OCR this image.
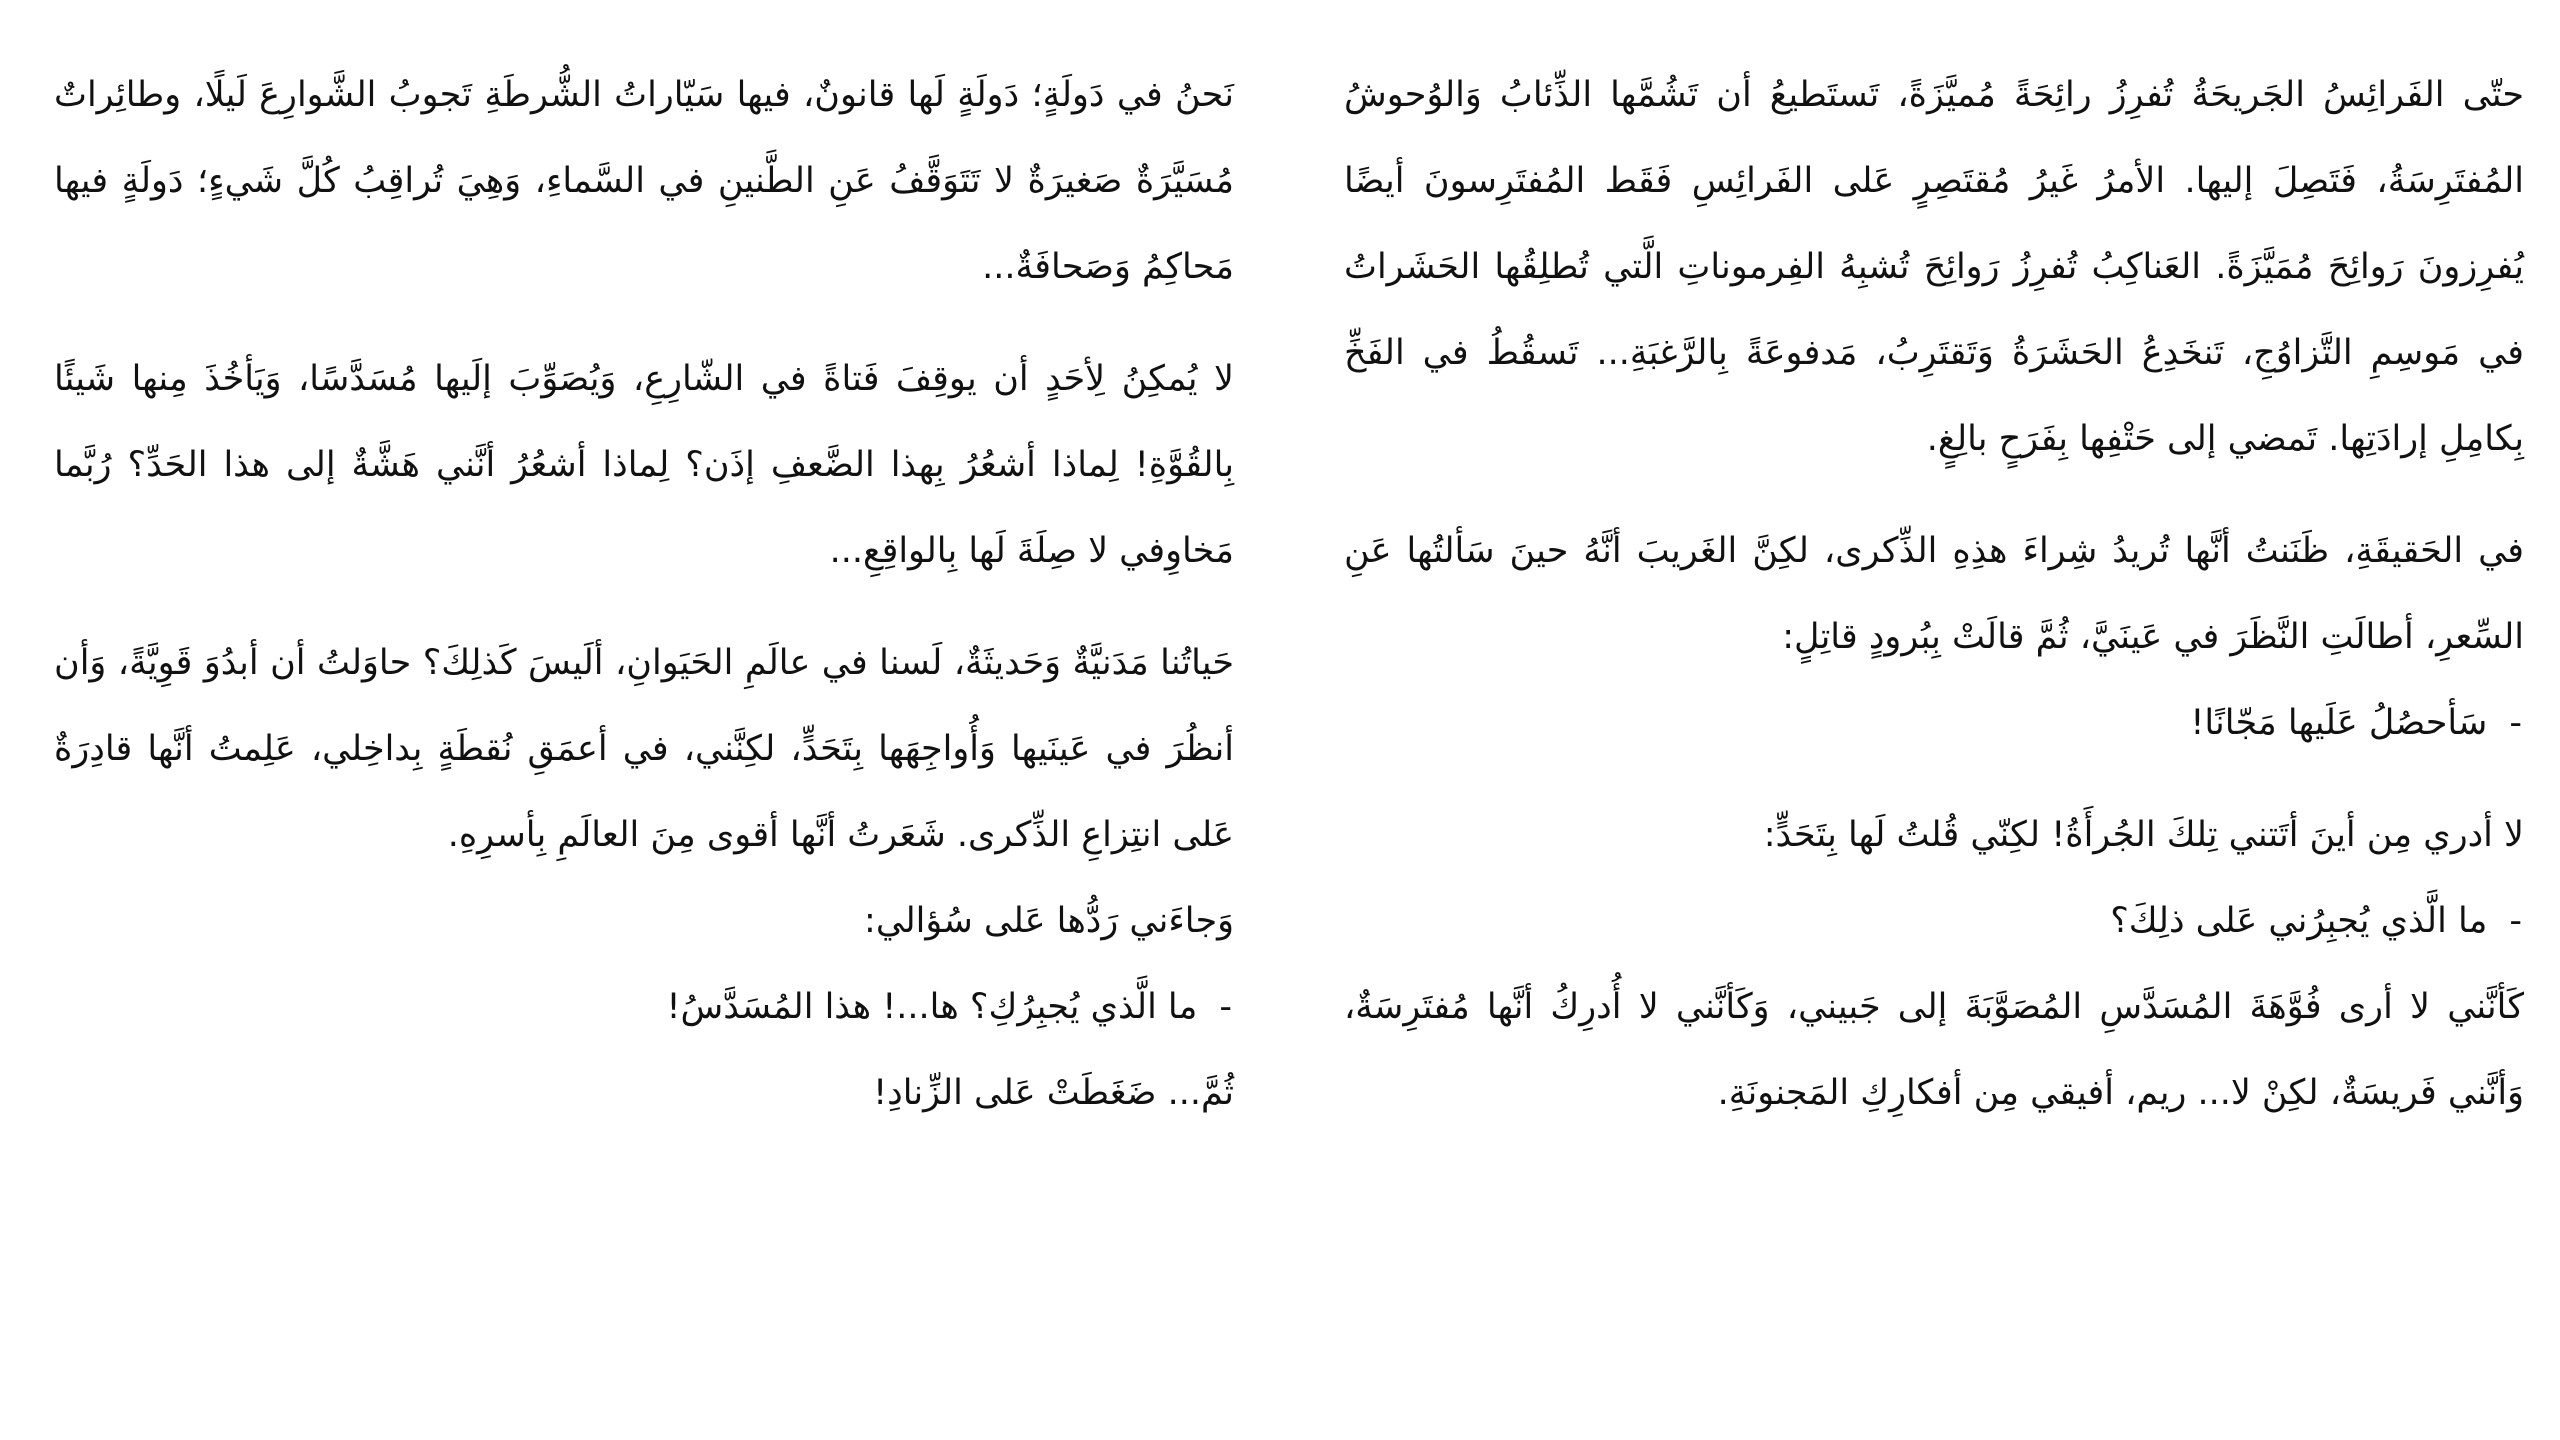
حتّى الفَرائِسُ الجَريحَةُ تُفرِزُ رائِحَةً مُميَّزَةً، تَستَطيعُ أن تَشُمَّها الذِّئابُ وَالوُحوشُ المُفتَرِسَةُ، فَتَصِلَ إليها. الأمرُ غَيرُ مُقتَصِرٍ عَلى الفَرائِسِ فَقَط المُفتَرِسونَ أيضًا يُفرِزونَ رَوائِحَ مُمَيَّزَةً. العَناكِبُ تُفرِزُ رَوائِحَ تُشبِهُ الفِرموناتِ الَّتي تُطلِقُها الحَشَراتُ في مَوسِمِ التَّزاوُجِ، تَنخَدِعُ الحَشَرَةُ وَتَقتَرِبُ، مَدفوعَةً بِالرَّغبَةِ... تَسقُطُ في الفَخِّ بِكامِلِ إرادَتِها. تَمضي إلى حَتْفِها بِفَرَحٍ بالِغٍ.

في الحَقيقَةِ، ظَنَنتُ أنَّها تُريدُ شِراءَ هذِهِ الذِّكرى، لكِنَّ الغَريبَ أنَّهُ حينَ سَألتُها عَنِ السِّعرِ، أطالَتِ النَّظَرَ في عَينَيَّ، ثُمَّ قالَتْ بِبُرودٍ قاتِلٍ:

-
سَأحصُلُ عَلَيها مَجّانًا!

لا أدري مِن أينَ أتَتني تِلكَ الجُرأَةُ! لكِنّي قُلتُ لَها بِتَحَدٍّ:

-
ما الَّذي يُجبِرُني عَلى ذلِكَ؟

كَأنَّني لا أرى فُوَّهَةَ المُسَدَّسِ المُصَوَّبَةَ إلى جَبيني، وَكَأنَّني لا أُدرِكُ أنَّها مُفتَرِسَةٌ، وَأنَّني فَريسَةٌ، لكِنْ لا... ريم، أفيقي مِن أفكارِكِ المَجنونَةِ.

نَحنُ في دَولَةٍ؛ دَولَةٍ لَها قانونٌ، فيها سَيّاراتُ الشُّرطَةِ تَجوبُ الشَّوارِعَ لَيلًا، وطائِراتٌ مُسَيَّرَةٌ صَغيرَةٌ لا تَتَوَقَّفُ عَنِ الطَّنينِ في السَّماءِ، وَهِيَ تُراقِبُ كُلَّ شَيءٍ؛ دَولَةٍ فيها مَحاكِمُ وَصَحافَةٌ...

لا يُمكِنُ لِأحَدٍ أن يوقِفَ فَتاةً في الشّارِعِ، وَيُصَوِّبَ إلَيها مُسَدَّسًا، وَيَأخُذَ مِنها شَيئًا بِالقُوَّةِ! لِماذا أشعُرُ بِهذا الضَّعفِ إذَن؟ لِماذا أشعُرُ أنَّني هَشَّةٌ إلى هذا الحَدِّ؟ رُبَّما مَخاوِفي لا صِلَةَ لَها بِالواقِعِ...

حَياتُنا مَدَنيَّةٌ وَحَديثَةٌ، لَسنا في عالَمِ الحَيَوانِ، ألَيسَ كَذلِكَ؟ حاوَلتُ أن أبدُوَ قَوِيَّةً، وَأن أنظُرَ في عَينَيها وَأُواجِهَها بِتَحَدٍّ، لكِنَّني، في أعمَقِ نُقطَةٍ بِداخِلي، عَلِمتُ أنَّها قادِرَةٌ عَلى انتِزاعِ الذِّكرى. شَعَرتُ أنَّها أقوى مِنَ العالَمِ بِأسرِهِ.

وَجاءَني رَدُّها عَلى سُؤالي:

-
ما الَّذي يُجبِرُكِ؟ ها...! هذا المُسَدَّسُ!

ثُمَّ... ضَغَطَتْ عَلى الزِّنادِ!
